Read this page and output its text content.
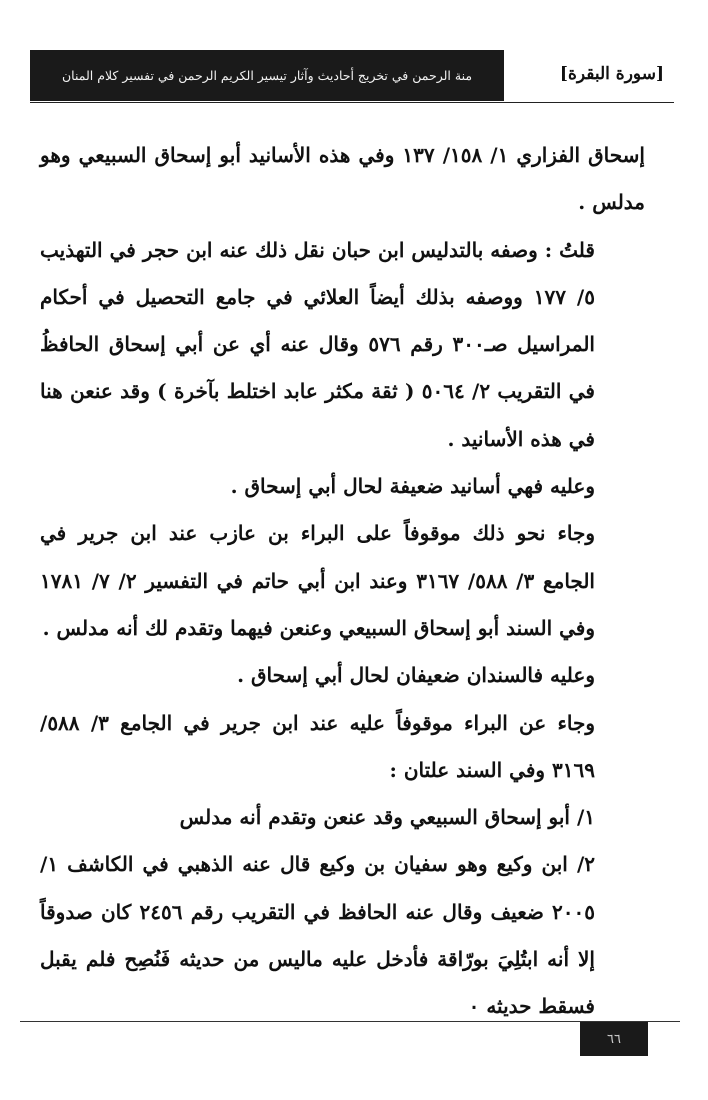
منة الرحمن في تخريج أحاديث وآثار تيسير الكريم الرحمن في تفسير كلام المنان	[سورة البقرة]

إسحاق الفزاري ١/ ١٥٨/ ١٣٧ وفي هذه الأسانيد أبو إسحاق السبيعي وهو مدلس .

قلتُ : وصفه بالتدليس ابن حبان نقل ذلك عنه ابن حجر في التهذيب ٥/ ١٧٧ ووصفه بذلك أيضاً العلائي في جامع التحصيل في أحكام المراسيل صـ٣٠٠ رقم ٥٧٦ وقال عنه أي عن أبي إسحاق الحافظُ في التقريب ٢/ ٥٠٦٤ ( ثقة مكثر عابد اختلط بآخرة ) وقد عنعن هنا في هذه الأسانيد .

وعليه فهي أسانيد ضعيفة لحال أبي إسحاق .

وجاء نحو ذلك موقوفاً على البراء بن عازب عند ابن جرير في الجامع ٣/ ٥٨٨/ ٣١٦٧ وعند ابن أبي حاتم في التفسير ٢/ ٧/ ١٧٨١ وفي السند أبو إسحاق السبيعي وعنعن فيهما وتقدم لك أنه مدلس .

وعليه فالسندان ضعيفان لحال أبي إسحاق .

وجاء عن البراء موقوفاً عليه عند ابن جرير في الجامع ٣/ ٥٨٨/ ٣١٦٩ وفي السند علتان :

١/ أبو إسحاق السبيعي وقد عنعن وتقدم أنه مدلس

٢/ ابن وكيع وهو سفيان بن وكيع قال عنه الذهبي في الكاشف ١/ ٢٠٠٥ ضعيف وقال عنه الحافظ في التقريب رقم ٢٤٥٦ كان صدوقاً إلا أنه ابتُلِيَ بورّاقة فأدخل عليه ماليس من حديثه فَنُصِح فلم يقبل فسقط حديثه ٠

٦٦
